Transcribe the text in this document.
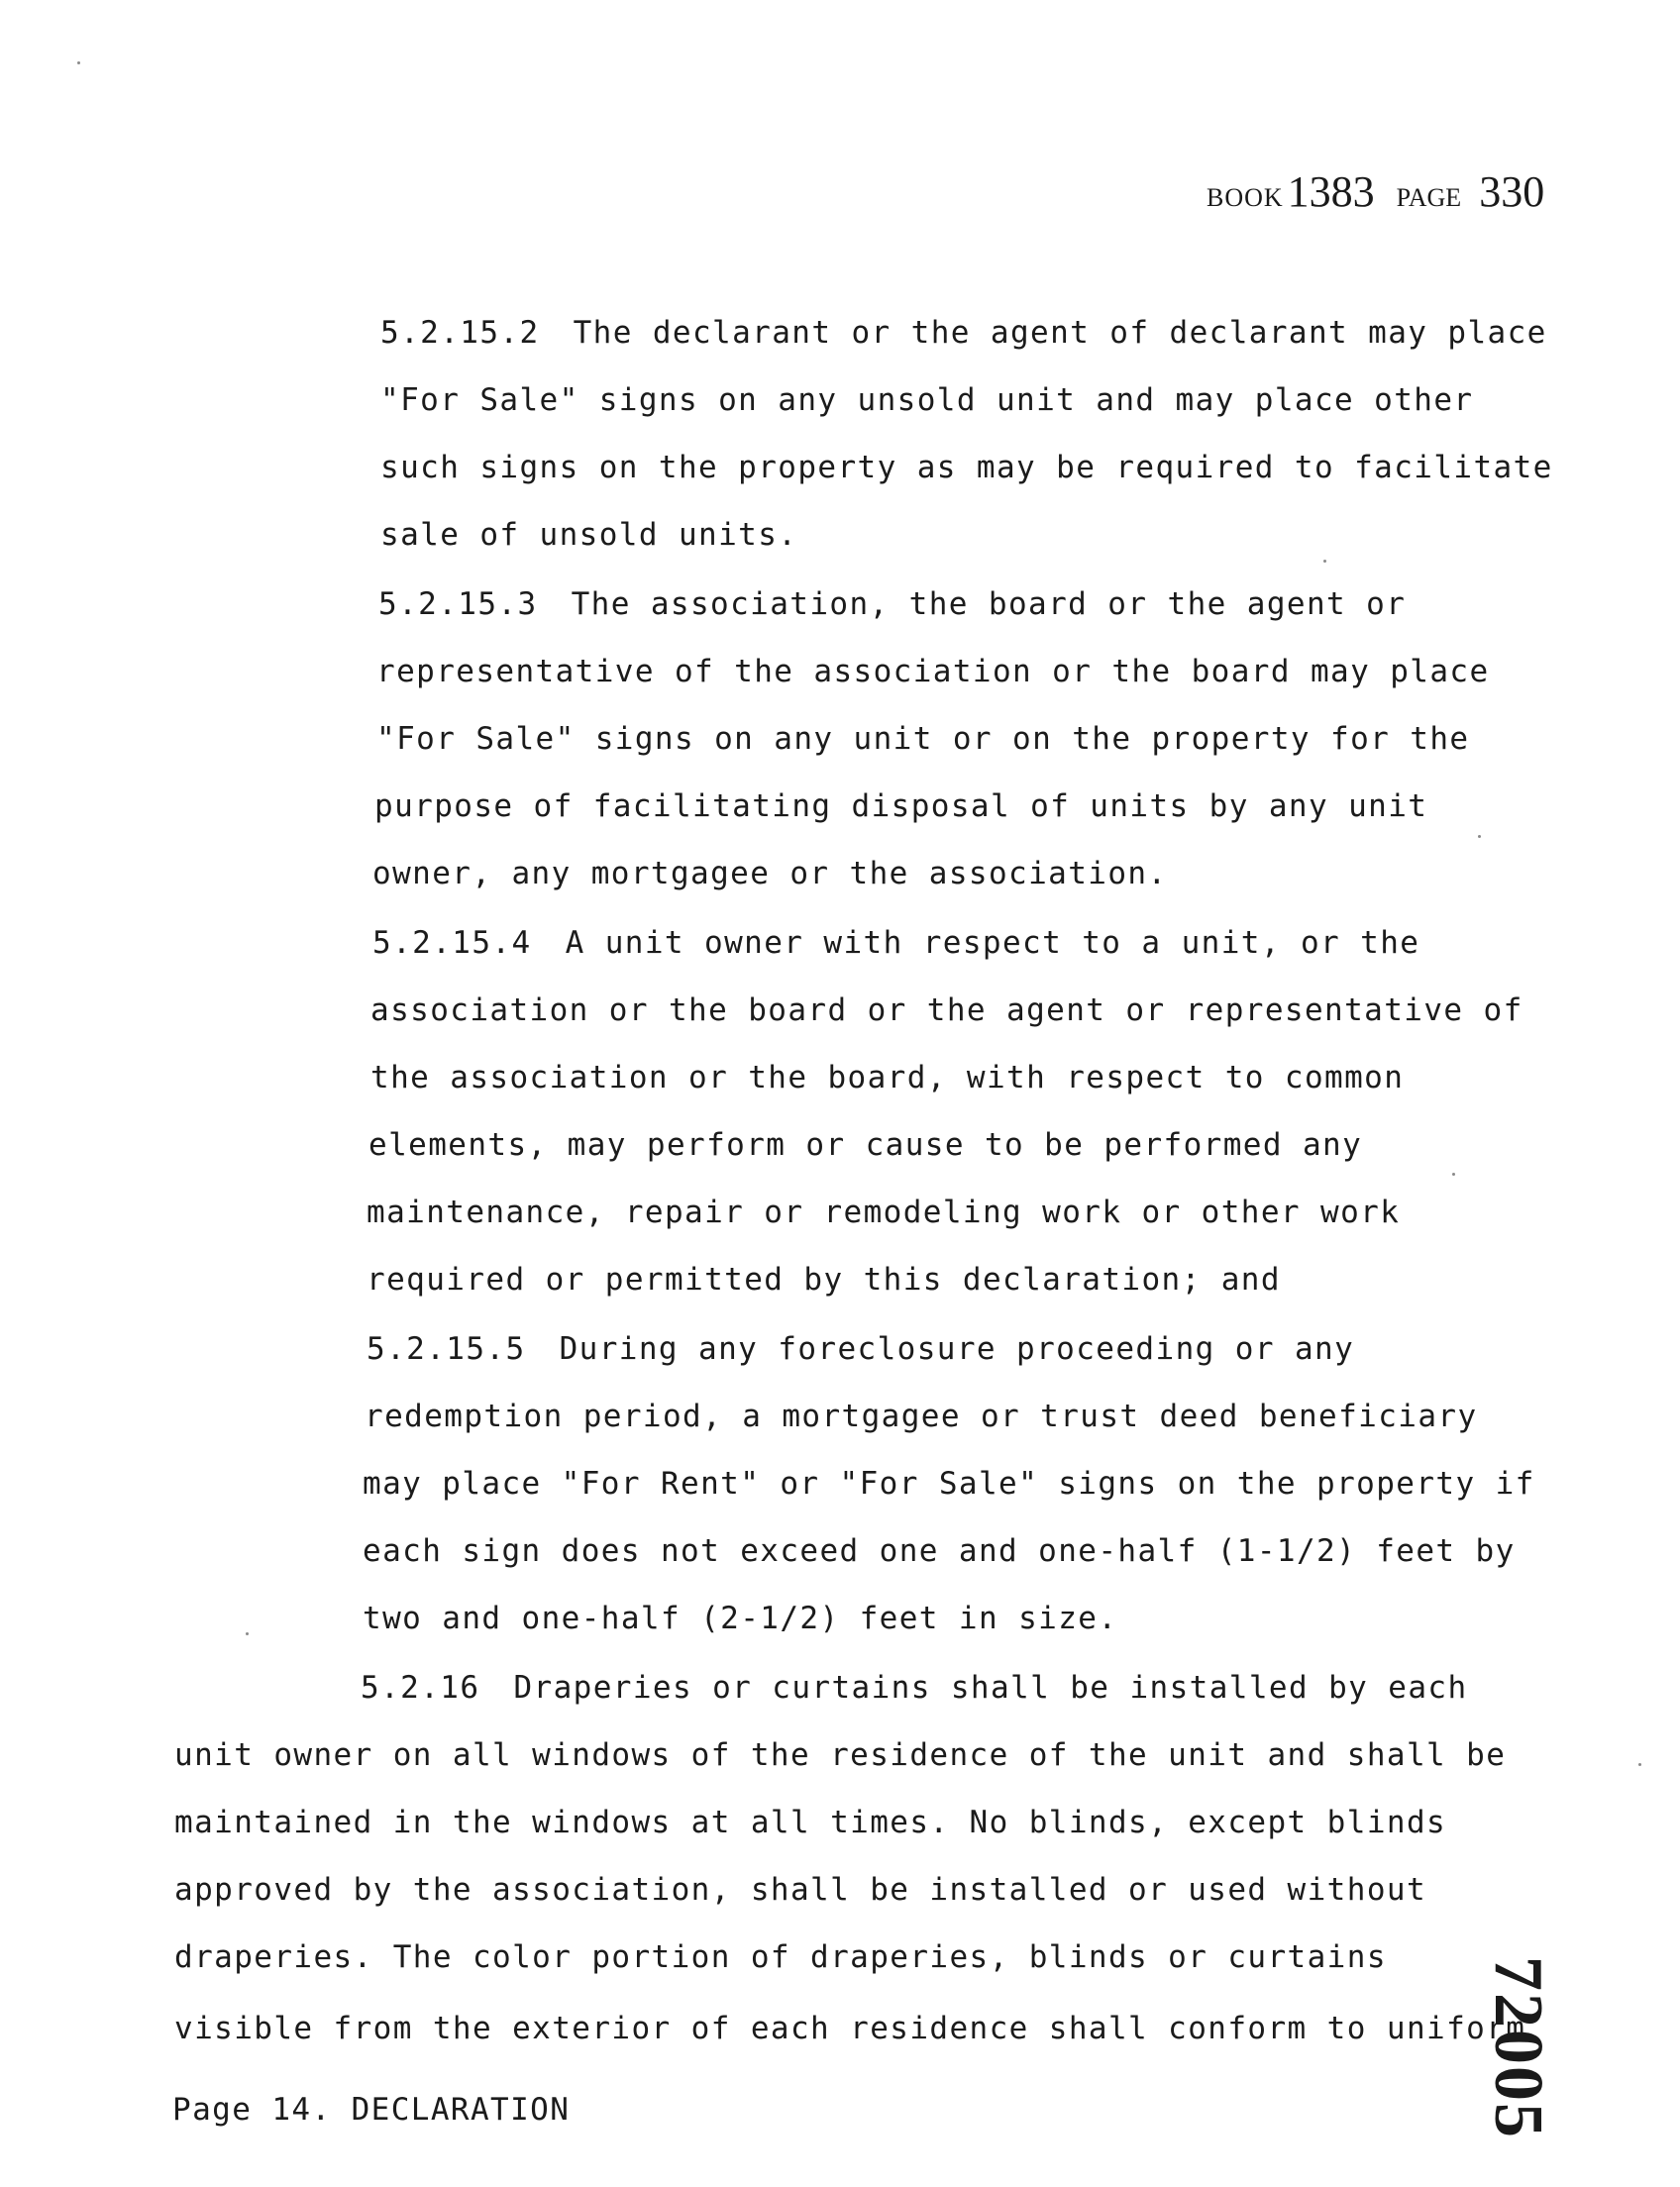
BOOK1383 PAGE 330
5.2.15.2 The declarant or the agent of declarant may place
"For Sale" signs on any unsold unit and may place other
such signs on the property as may be required to facilitate
sale of unsold units.
5.2.15.3 The association, the board or the agent or
representative of the association or the board may place
"For Sale" signs on any unit or on the property for the
purpose of facilitating disposal of units by any unit
owner, any mortgagee or the association.
5.2.15.4 A unit owner with respect to a unit, or the
association or the board or the agent or representative of
the association or the board, with respect to common
elements, may perform or cause to be performed any
maintenance, repair or remodeling work or other work
required or permitted by this declaration; and
5.2.15.5 During any foreclosure proceeding or any
redemption period, a mortgagee or trust deed beneficiary
may place "For Rent" or "For Sale" signs on the property if
each sign does not exceed one and one-half (1-1/2) feet by
two and one-half (2-1/2) feet in size.
5.2.16 Draperies or curtains shall be installed by each
unit owner on all windows of the residence of the unit and shall be
maintained in the windows at all times. No blinds, except blinds
approved by the association, shall be installed or used without
draperies. The color portion of draperies, blinds or curtains
visible from the exterior of each residence shall conform to uniform
Page 14. DECLARATION	72005
